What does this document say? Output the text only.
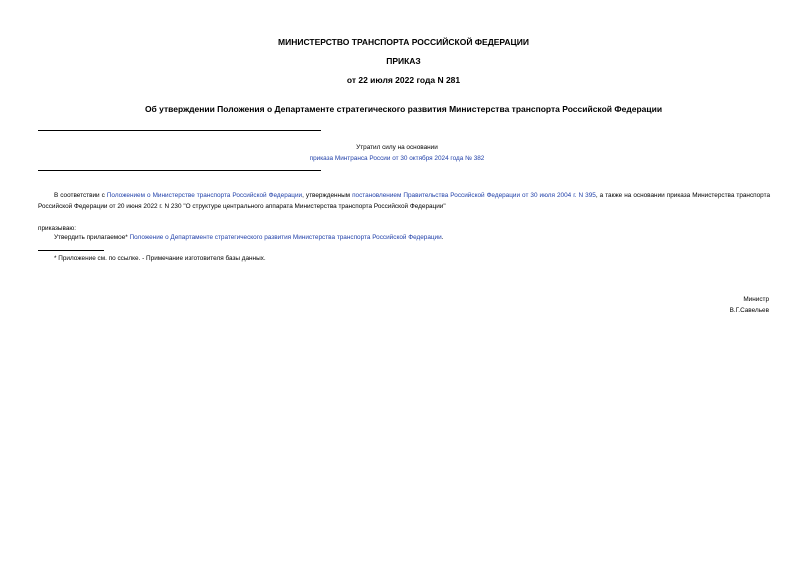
МИНИСТЕРСТВО ТРАНСПОРТА РОССИЙСКОЙ ФЕДЕРАЦИИ
ПРИКАЗ
от 22 июля 2022 года N 281
Об утверждении Положения о Департаменте стратегического развития Министерства транспорта Российской Федерации
Утратил силу на основании
приказа Минтранса России от 30 октября 2024 года № 382
В соответствии с Положением о Министерстве транспорта Российской Федерации, утвержденным постановлением Правительства Российской Федерации от 30 июля 2004 г. N 395, а также на основании приказа Министерства транспорта Российской Федерации от 20 июня 2022 г. N 230 "О структуре центрального аппарата Министерства транспорта Российской Федерации"
приказываю:
Утвердить прилагаемое* Положение о Департаменте стратегического развития Министерства транспорта Российской Федерации.
* Приложение см. по ссылке. - Примечание изготовителя базы данных.
Министр
В.Г.Савельев
